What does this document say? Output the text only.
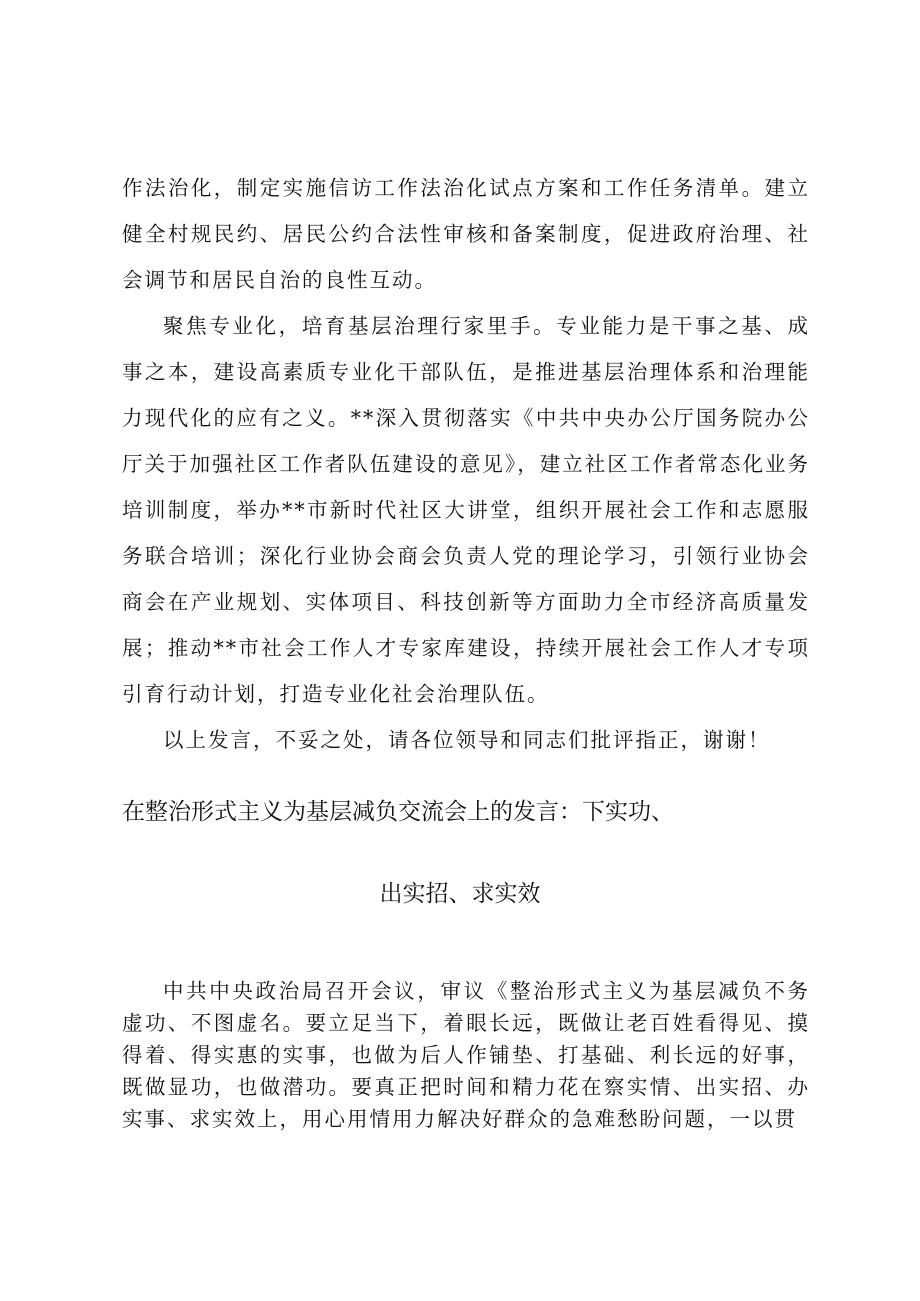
作法治化，制定实施信访工作法治化试点方案和工作任务清单。建立健全村规民约、居民公约合法性审核和备案制度，促进政府治理、社会调节和居民自治的良性互动。

聚焦专业化，培育基层治理行家里手。专业能力是干事之基、成事之本，建设高素质专业化干部队伍，是推进基层治理体系和治理能力现代化的应有之义。**深入贯彻落实《中共中央办公厅国务院办公厅关于加强社区工作者队伍建设的意见》，建立社区工作者常态化业务培训制度，举办**市新时代社区大讲堂，组织开展社会工作和志愿服务联合培训；深化行业协会商会负责人党的理论学习，引领行业协会商会在产业规划、实体项目、科技创新等方面助力全市经济高质量发展；推动**市社会工作人才专家库建设，持续开展社会工作人才专项引育行动计划，打造专业化社会治理队伍。

以上发言，不妥之处，请各位领导和同志们批评指正，谢谢！

在整治形式主义为基层减负交流会上的发言：下实功、
出实招、求实效

中共中央政治局召开会议，审议《整治形式主义为基层减负不务虚功、不图虚名。要立足当下，着眼长远，既做让老百姓看得见、摸得着、得实惠的实事，也做为后人作铺垫、打基础、利长远的好事，既做显功，也做潜功。要真正把时间和精力花在察实情、出实招、办实事、求实效上，用心用情用力解决好群众的急难愁盼问题，一以贯
